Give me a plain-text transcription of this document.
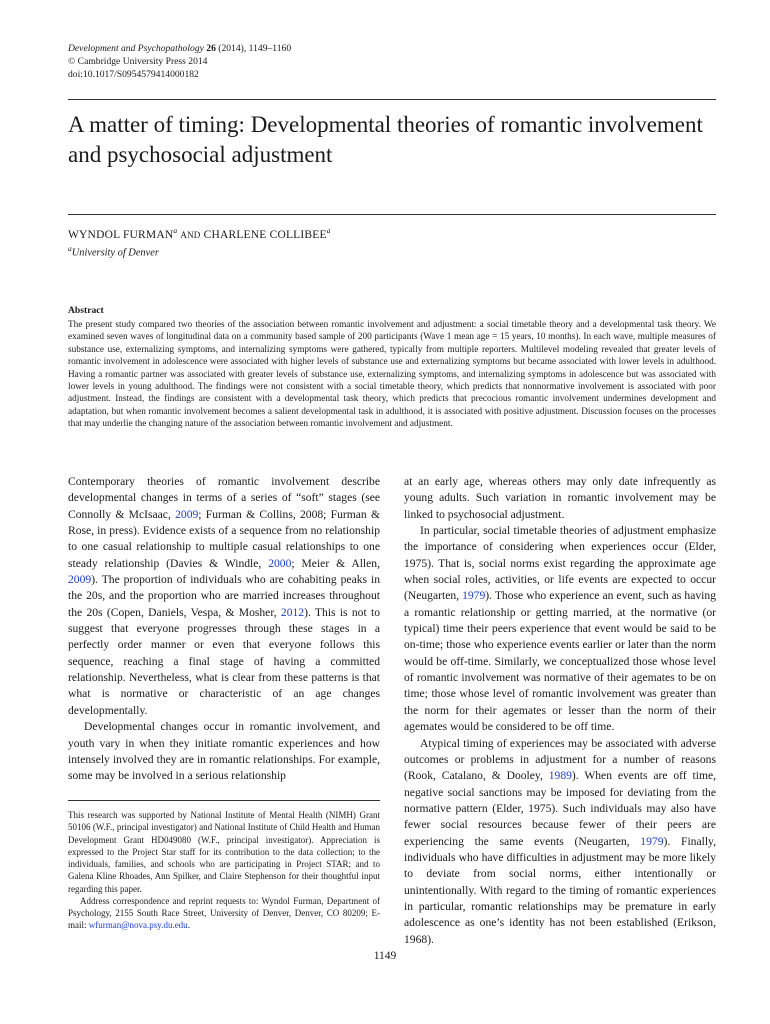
Development and Psychopathology 26 (2014), 1149–1160
© Cambridge University Press 2014
doi:10.1017/S0954579414000182
A matter of timing: Developmental theories of romantic involvement and psychosocial adjustment
WYNDOL FURMAN$^a$ AND CHARLENE COLLIBEE$^a$
$^a$University of Denver
Abstract
The present study compared two theories of the association between romantic involvement and adjustment: a social timetable theory and a developmental task theory. We examined seven waves of longitudinal data on a community based sample of 200 participants (Wave 1 mean age = 15 years, 10 months). In each wave, multiple measures of substance use, externalizing symptoms, and internalizing symptoms were gathered, typically from multiple reporters. Multilevel modeling revealed that greater levels of romantic involvement in adolescence were associated with higher levels of substance use and externalizing symptoms but became associated with lower levels in adulthood. Having a romantic partner was associated with greater levels of substance use, externalizing symptoms, and internalizing symptoms in adolescence but was associated with lower levels in young adulthood. The findings were not consistent with a social timetable theory, which predicts that nonnormative involvement is associated with poor adjustment. Instead, the findings are consistent with a developmental task theory, which predicts that precocious romantic involvement undermines development and adaptation, but when romantic involvement becomes a salient developmental task in adulthood, it is associated with positive adjustment. Discussion focuses on the processes that may underlie the changing nature of the association between romantic involvement and adjustment.

Contemporary theories of romantic involvement describe developmental changes in terms of a series of “soft” stages (see Connolly & McIsaac, 2009; Furman & Collins, 2008; Furman & Rose, in press). Evidence exists of a sequence from no relationship to one casual relationship to multiple casual relationships to one steady relationship (Davies & Windle, 2000; Meier & Allen, 2009). The proportion of individuals who are cohabiting peaks in the 20s, and the proportion who are married increases throughout the 20s (Copen, Daniels, Vespa, & Mosher, 2012). This is not to suggest that everyone progresses through these stages in a perfectly order manner or even that everyone follows this sequence, reaching a final stage of having a committed relationship. Nevertheless, what is clear from these patterns is that what is normative or characteristic of an age changes developmentally.

Developmental changes occur in romantic involvement, and youth vary in when they initiate romantic experiences and how intensely involved they are in romantic relationships. For example, some may be involved in a serious relationship

This research was supported by National Institute of Mental Health (NIMH) Grant 50106 (W.F., principal investigator) and National Institute of Child Health and Human Development Grant HD049080 (W.F., principal investigator). Appreciation is expressed to the Project Star staff for its contribution to the data collection; to the individuals, families, and schools who are participating in Project STAR; and to Galena Kline Rhoades, Ann Spilker, and Claire Stephenson for their thoughtful input regarding this paper.

Address correspondence and reprint requests to: Wyndol Furman, Department of Psychology, 2155 South Race Street, University of Denver, Denver, CO 80209; E-mail: wfurman@nova.psy.du.edu.

at an early age, whereas others may only date infrequently as young adults. Such variation in romantic involvement may be linked to psychosocial adjustment.

In particular, social timetable theories of adjustment emphasize the importance of considering when experiences occur (Elder, 1975). That is, social norms exist regarding the approximate age when social roles, activities, or life events are expected to occur (Neugarten, 1979). Those who experience an event, such as having a romantic relationship or getting married, at the normative (or typical) time their peers experience that event would be said to be on-time; those who experience events earlier or later than the norm would be off-time. Similarly, we conceptualized those whose level of romantic involvement was normative of their agemates to be on time; those whose level of romantic involvement was greater than the norm for their agemates or lesser than the norm of their agemates would be considered to be off time.

Atypical timing of experiences may be associated with adverse outcomes or problems in adjustment for a number of reasons (Rook, Catalano, & Dooley, 1989). When events are off time, negative social sanctions may be imposed for deviating from the normative pattern (Elder, 1975). Such individuals may also have fewer social resources because fewer of their peers are experiencing the same events (Neugarten, 1979). Finally, individuals who have difficulties in adjustment may be more likely to deviate from social norms, either intentionally or unintentionally. With regard to the timing of romantic experiences in particular, romantic relationships may be premature in early adolescence as one’s identity has not been established (Erikson, 1968).

1149
